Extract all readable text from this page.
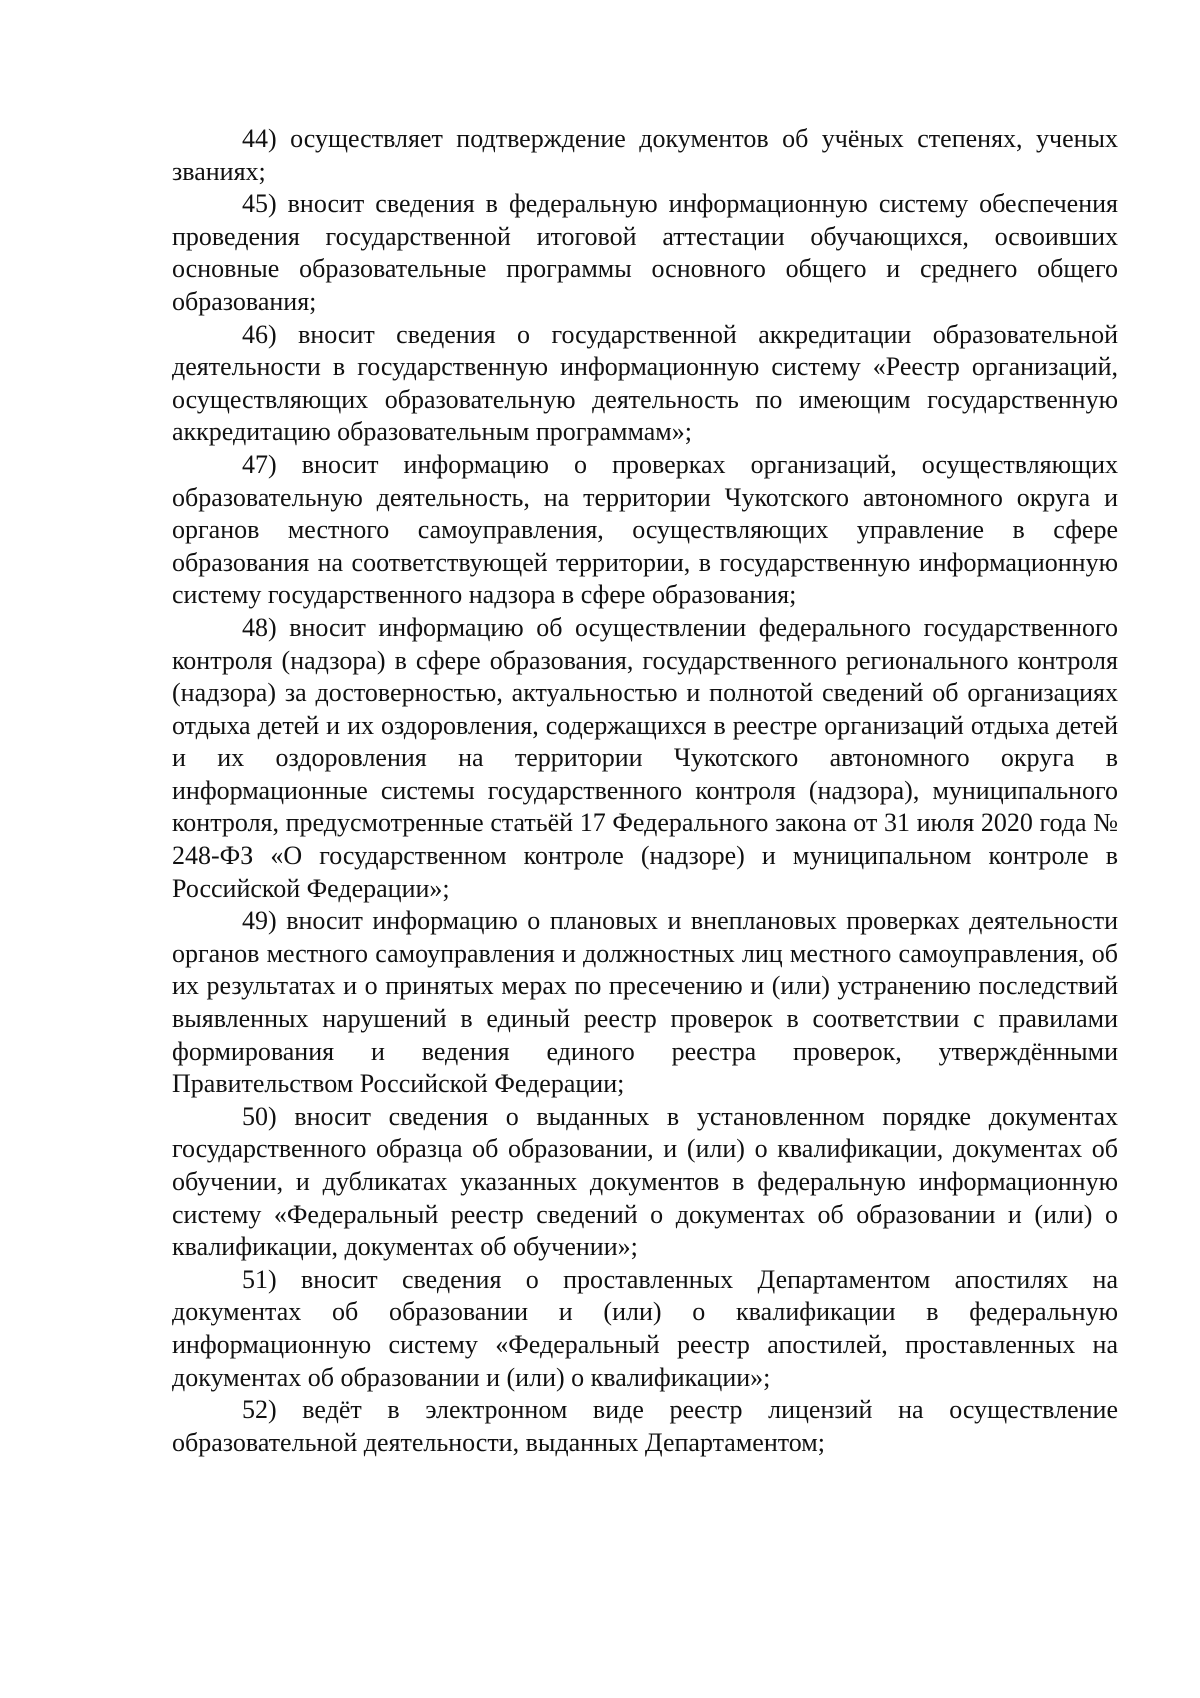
44) осуществляет подтверждение документов об учёных степенях, ученых званиях;

45) вносит сведения в федеральную информационную систему обеспечения проведения государственной итоговой аттестации обучающихся, освоивших основные образовательные программы основного общего и среднего общего образования;

46) вносит сведения о государственной аккредитации образовательной деятельности в государственную информационную систему «Реестр организаций, осуществляющих образовательную деятельность по имеющим государственную аккредитацию образовательным программам»;

47) вносит информацию о проверках организаций, осуществляющих образовательную деятельность, на территории Чукотского автономного округа и органов местного самоуправления, осуществляющих управление в сфере образования на соответствующей территории, в государственную информационную систему государственного надзора в сфере образования;

48) вносит информацию об осуществлении федерального государственного контроля (надзора) в сфере образования, государственного регионального контроля (надзора) за достоверностью, актуальностью и полнотой сведений об организациях отдыха детей и их оздоровления, содержащихся в реестре организаций отдыха детей и их оздоровления на территории Чукотского автономного округа в информационные системы государственного контроля (надзора), муниципального контроля, предусмотренные статьёй 17 Федерального закона от 31 июля 2020 года № 248-ФЗ «О государственном контроле (надзоре) и муниципальном контроле в Российской Федерации»;

49) вносит информацию о плановых и внеплановых проверках деятельности органов местного самоуправления и должностных лиц местного самоуправления, об их результатах и о принятых мерах по пресечению и (или) устранению последствий выявленных нарушений в единый реестр проверок в соответствии с правилами формирования и ведения единого реестра проверок, утверждёнными Правительством Российской Федерации;

50) вносит сведения о выданных в установленном порядке документах государственного образца об образовании, и (или) о квалификации, документах об обучении, и дубликатах указанных документов в федеральную информационную систему «Федеральный реестр сведений о документах об образовании и (или) о квалификации, документах об обучении»;

51) вносит сведения о проставленных Департаментом апостилях на документах об образовании и (или) о квалификации в федеральную информационную систему «Федеральный реестр апостилей, проставленных на документах об образовании и (или) о квалификации»;

52) ведёт в электронном виде реестр лицензий на осуществление образовательной деятельности, выданных Департаментом;
